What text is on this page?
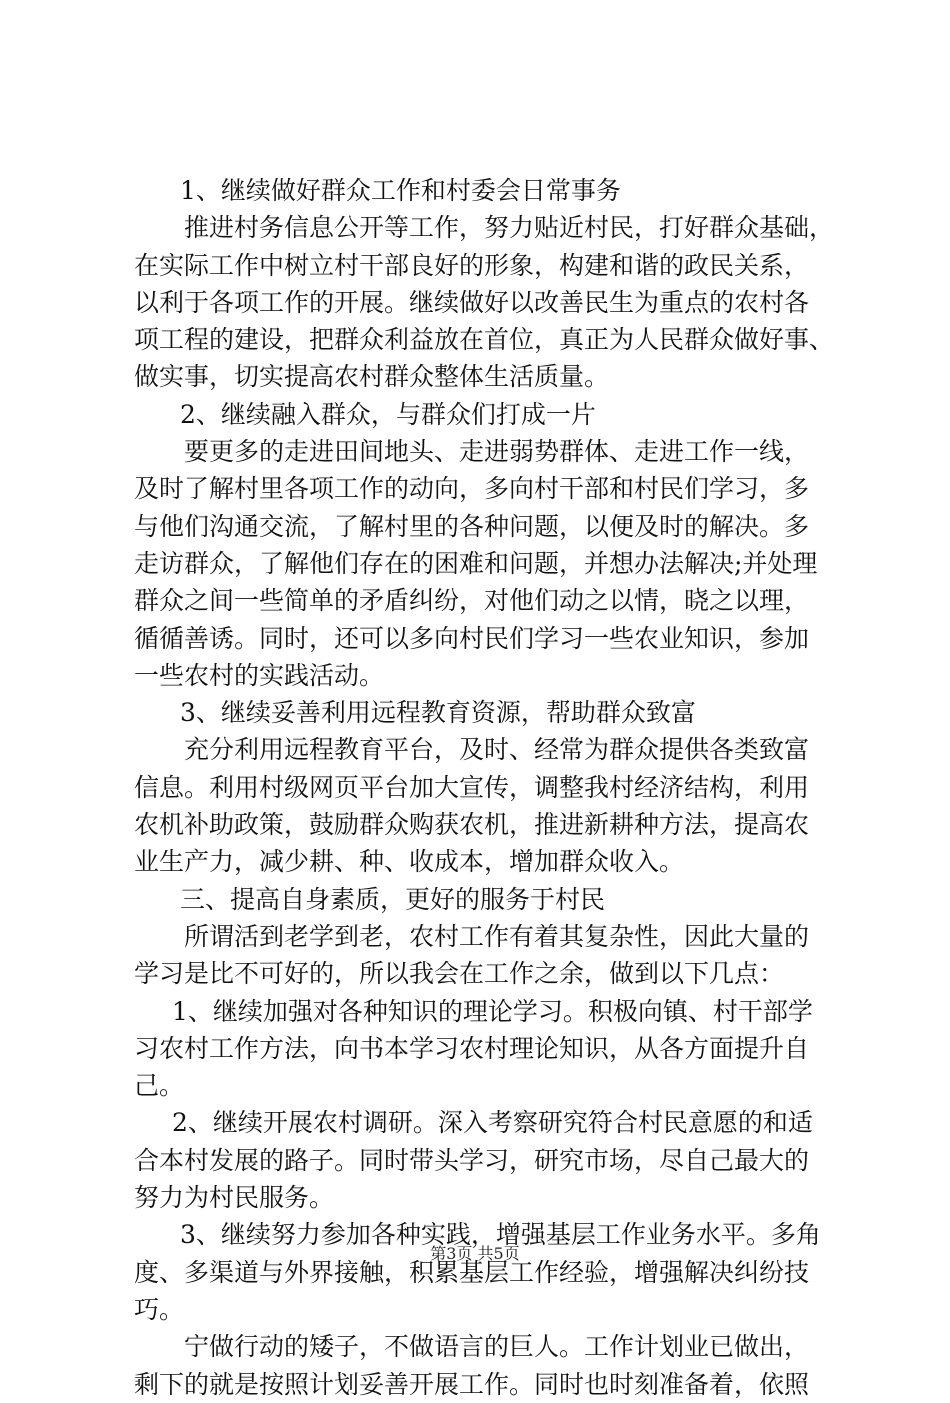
1、继续做好群众工作和村委会日常事务
推进村务信息公开等工作，努力贴近村民，打好群众基础，
在实际工作中树立村干部良好的形象，构建和谐的政民关系，
以利于各项工作的开展。继续做好以改善民生为重点的农村各
项工程的建设，把群众利益放在首位，真正为人民群众做好事、
做实事，切实提高农村群众整体生活质量。
2、继续融入群众，与群众们打成一片
要更多的走进田间地头、走进弱势群体、走进工作一线，
及时了解村里各项工作的动向，多向村干部和村民们学习，多
与他们沟通交流，了解村里的各种问题，以便及时的解决。多
走访群众，了解他们存在的困难和问题，并想办法解决;并处理
群众之间一些简单的矛盾纠纷，对他们动之以情，晓之以理，
循循善诱。同时，还可以多向村民们学习一些农业知识，参加
一些农村的实践活动。
3、继续妥善利用远程教育资源，帮助群众致富
充分利用远程教育平台，及时、经常为群众提供各类致富
信息。利用村级网页平台加大宣传，调整我村经济结构，利用
农机补助政策，鼓励群众购获农机，推进新耕种方法，提高农
业生产力，减少耕、种、收成本，增加群众收入。
三、提高自身素质，更好的服务于村民
所谓活到老学到老，农村工作有着其复杂性，因此大量的
学习是比不可好的，所以我会在工作之余，做到以下几点：
1、继续加强对各种知识的理论学习。积极向镇、村干部学
习农村工作方法，向书本学习农村理论知识，从各方面提升自
己。
2、继续开展农村调研。深入考察研究符合村民意愿的和适
合本村发展的路子。同时带头学习，研究市场，尽自己最大的
努力为村民服务。
3、继续努力参加各种实践，增强基层工作业务水平。多角
度、多渠道与外界接触，积累基层工作经验，增强解决纠纷技
巧。
宁做行动的矮子，不做语言的巨人。工作计划业已做出，
剩下的就是按照计划妥善开展工作。同时也时刻准备着，依照
第3页 共5页
